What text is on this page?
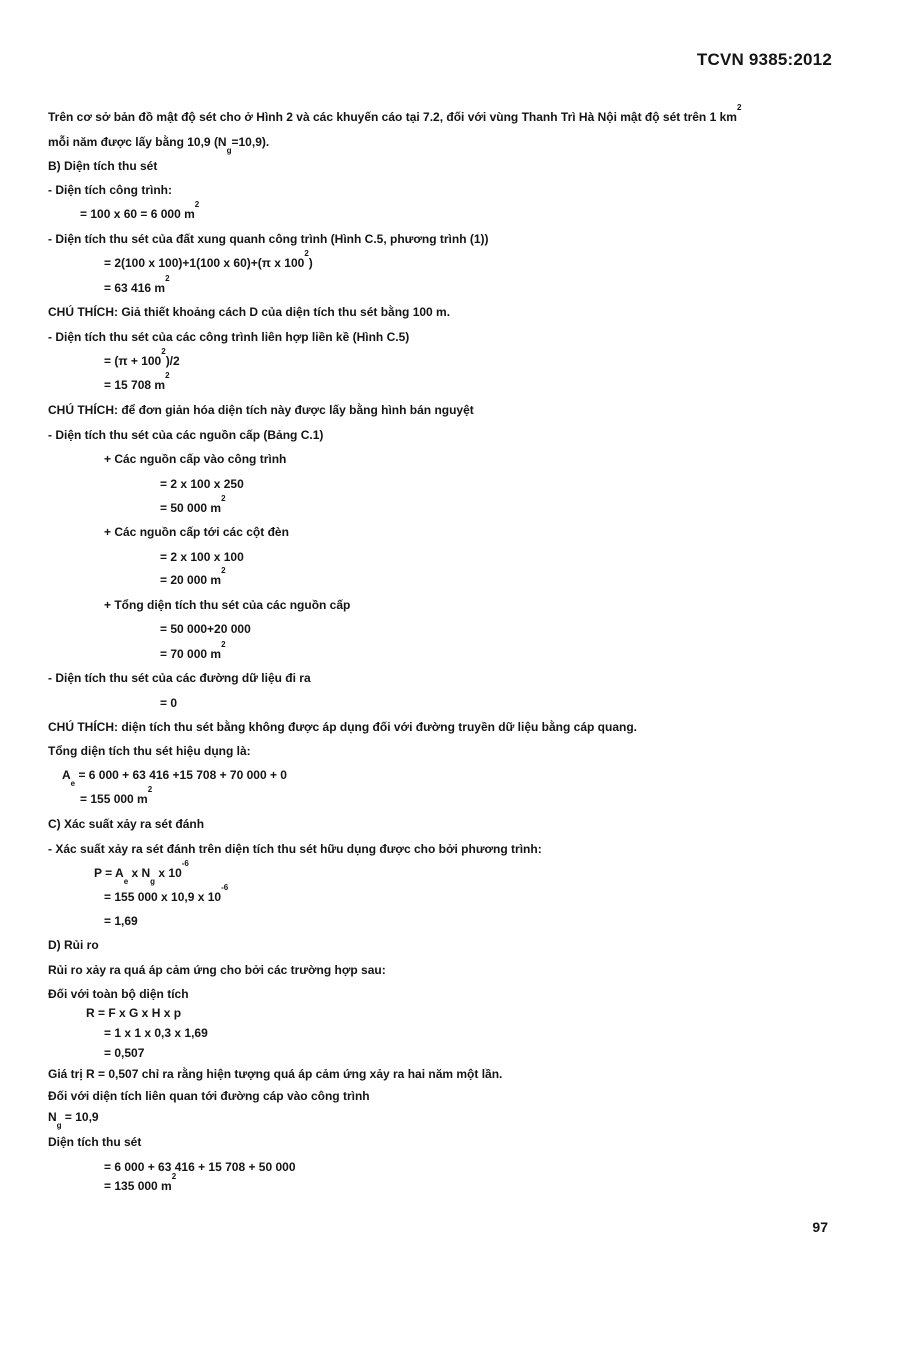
TCVN 9385:2012
Trên cơ sở bản đồ mật độ sét cho ở Hình 2 và các khuyến cáo tại 7.2, đối với vùng Thanh Trì Hà Nội mật độ sét trên 1 $km^2$
mỗi năm được lấy bằng 10,9 $(N_g=10,9)$.
B) Diện tích thu sét
- Diện tích công trình:
= 100 x 60 = 6 000 $m^2$
- Diện tích thu sét của đất xung quanh công trình (Hình C.5, phương trình (1))
= 2(100 x 100)+1(100 x 60)+(π x $100^2$)
= 63 416 $m^2$
CHÚ THÍCH: Giả thiết khoảng cách D của diện tích thu sét bằng 100 m.
- Diện tích thu sét của các công trình liên hợp liền kề (Hình C.5)
= $(\pi + 100^2)/2$
= 15 708 $m^2$
CHÚ THÍCH: để đơn giản hóa diện tích này được lấy bằng hình bán nguyệt
- Diện tích thu sét của các nguồn cấp (Bảng C.1)
+ Các nguồn cấp vào công trình
= 2 x 100 x 250
= 50 000 $m^2$
+ Các nguồn cấp tới các cột đèn
= 2 x 100 x 100
= 20 000 $m^2$
+ Tổng diện tích thu sét của các nguồn cấp
= 50 000+20 000
= 70 000 $m^2$
- Diện tích thu sét của các đường dữ liệu đi ra
= 0
CHÚ THÍCH: diện tích thu sét bằng không được áp dụng đối với đường truyền dữ liệu bằng cáp quang.
Tổng diện tích thu sét hiệu dụng là:
$A_e = 6$ 000 + 63 416 +15 708 + 70 000 + 0
= 155 000 $m^2$
C) Xác suất xảy ra sét đánh
- Xác suất xảy ra sét đánh trên diện tích thu sét hữu dụng được cho bởi phương trình:
$P = A_e$ x $N_g$ x $10^{-6}$
= 155 000 x 10,9 x $10^{-6}$
= 1,69
D) Rủi ro
Rủi ro xảy ra quá áp cảm ứng cho bởi các trường hợp sau:
Đối với toàn bộ diện tích
R = F x G x H x p
= 1 x 1 x 0,3 x 1,69
= 0,507
Giá trị R = 0,507 chỉ ra rằng hiện tượng quá áp cảm ứng xảy ra hai năm một lần.
Đối với diện tích liên quan tới đường cáp vào công trình
$N_g = 10,9$
Diện tích thu sét
= 6 000 + 63 416 + 15 708 + 50 000
= 135 000 $m^2$
97
